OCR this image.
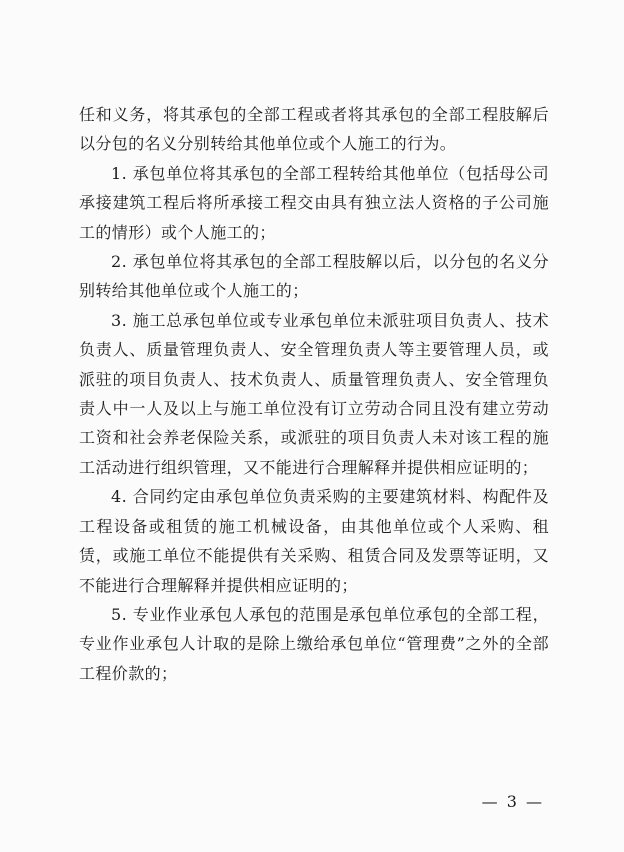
任和义务，将其承包的全部工程或者将其承包的全部工程肢解后以分包的名义分别转给其他单位或个人施工的行为。

1. 承包单位将其承包的全部工程转给其他单位（包括母公司承接建筑工程后将所承接工程交由具有独立法人资格的子公司施工的情形）或个人施工的；

2. 承包单位将其承包的全部工程肢解以后，以分包的名义分别转给其他单位或个人施工的；

3. 施工总承包单位或专业承包单位未派驻项目负责人、技术负责人、质量管理负责人、安全管理负责人等主要管理人员，或派驻的项目负责人、技术负责人、质量管理负责人、安全管理负责人中一人及以上与施工单位没有订立劳动合同且没有建立劳动工资和社会养老保险关系，或派驻的项目负责人未对该工程的施工活动进行组织管理，又不能进行合理解释并提供相应证明的；

4. 合同约定由承包单位负责采购的主要建筑材料、构配件及工程设备或租赁的施工机械设备，由其他单位或个人采购、租赁，或施工单位不能提供有关采购、租赁合同及发票等证明，又不能进行合理解释并提供相应证明的；

5. 专业作业承包人承包的范围是承包单位承包的全部工程，专业作业承包人计取的是除上缴给承包单位“管理费”之外的全部工程价款的；

— 3 —
